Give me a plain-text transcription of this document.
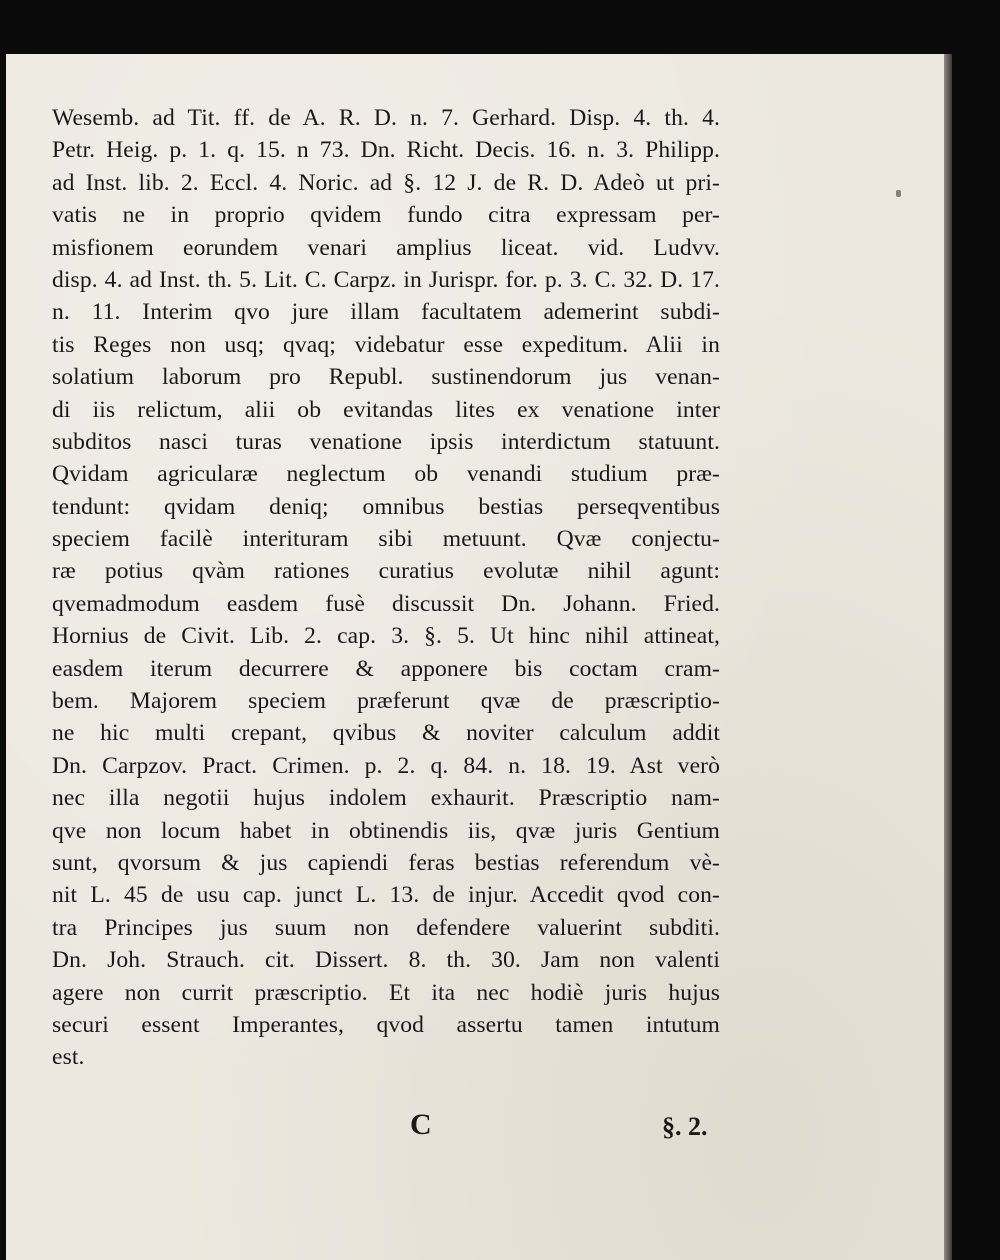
Wesemb. ad Tit. ff. de A. R. D. n. 7. Gerhard. Disp. 4. th. 4.
Petr. Heig. p. 1. q. 15. n 73. Dn. Richt. Decis. 16. n. 3. Philipp.
ad Inst. lib. 2. Eccl. 4. Noric. ad §. 12 J. de R. D. Adeò ut pri-
vatis ne in proprio qvidem fundo citra expressam per-
misfionem eorundem venari amplius liceat. vid. Ludvv.
disp. 4. ad Inst. th. 5. Lit. C. Carpz. in Jurispr. for. p. 3. C. 32. D. 17.
n. 11. Interim qvo jure illam facultatem ademerint subdi-
tis Reges non usq; qvaq; videbatur esse expeditum. Alii in
solatium laborum pro Republ. sustinendorum jus venan-
di iis relictum, alii ob evitandas lites ex venatione inter
subditos nasci turas venatione ipsis interdictum statuunt.
Qvidam agricularæ neglectum ob venandi studium præ-
tendunt: qvidam deniq; omnibus bestias perseqventibus
speciem facilè interituram sibi metuunt. Qvæ conjectu-
ræ potius qvàm rationes curatius evolutæ nihil agunt:
qvemadmodum easdem fusè discussit Dn. Johann. Fried.
Hornius de Civit. Lib. 2. cap. 3. §. 5. Ut hinc nihil attineat,
easdem iterum decurrere & apponere bis coctam cram-
bem. Majorem speciem præferunt qvæ de præscriptio-
ne hic multi crepant, qvibus & noviter calculum addit
Dn. Carpzov. Pract. Crimen. p. 2. q. 84. n. 18. 19. Ast verò
nec illa negotii hujus indolem exhaurit. Præscriptio nam-
qve non locum habet in obtinendis iis, qvæ juris Gentium
sunt, qvorsum & jus capiendi feras bestias referendum vè-
nit L. 45 de usu cap. junct L. 13. de injur. Accedit qvod con-
tra Principes jus suum non defendere valuerint subditi.
Dn. Joh. Strauch. cit. Dissert. 8. th. 30. Jam non valenti
agere non currit præscriptio. Et ita nec hodiè juris hujus
securi essent Imperantes, qvod assertu tamen intutum
est.
C	§. 2.
